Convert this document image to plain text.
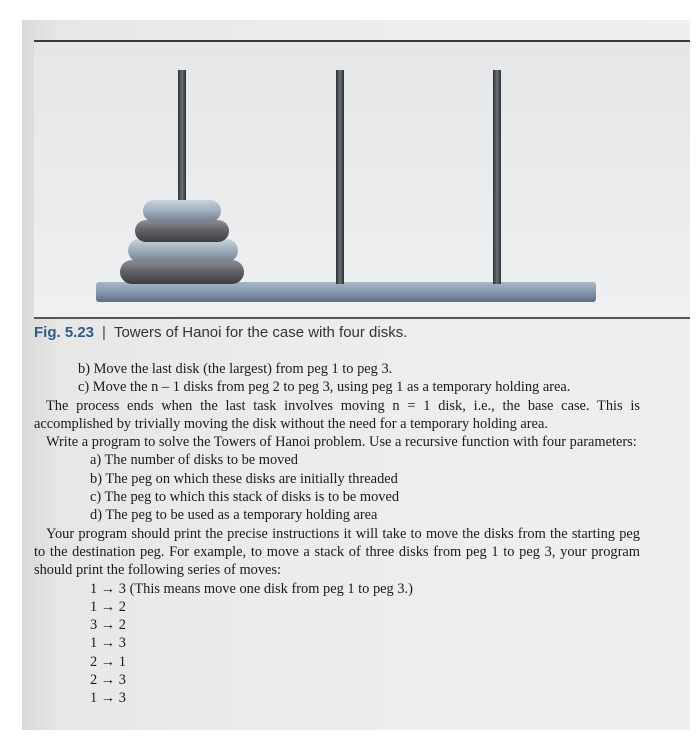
Fig. 5.23 | Towers of Hanoi for the case with four disks.

b) Move the last disk (the largest) from peg 1 to peg 3.

c) Move the n – 1 disks from peg 2 to peg 3, using peg 1 as a temporary holding area.

The process ends when the last task involves moving n = 1 disk, i.e., the base case. This is accomplished by trivially moving the disk without the need for a temporary holding area.

Write a program to solve the Towers of Hanoi problem. Use a recursive function with four parameters:

a) The number of disks to be moved

b) The peg on which these disks are initially threaded

c) The peg to which this stack of disks is to be moved

d) The peg to be used as a temporary holding area

Your program should print the precise instructions it will take to move the disks from the starting peg to the destination peg. For example, to move a stack of three disks from peg 1 to peg 3, your program should print the following series of moves:

1 → 3 (This means move one disk from peg 1 to peg 3.)

1 → 2

3 → 2

1 → 3

2 → 1

2 → 3

1 → 3
